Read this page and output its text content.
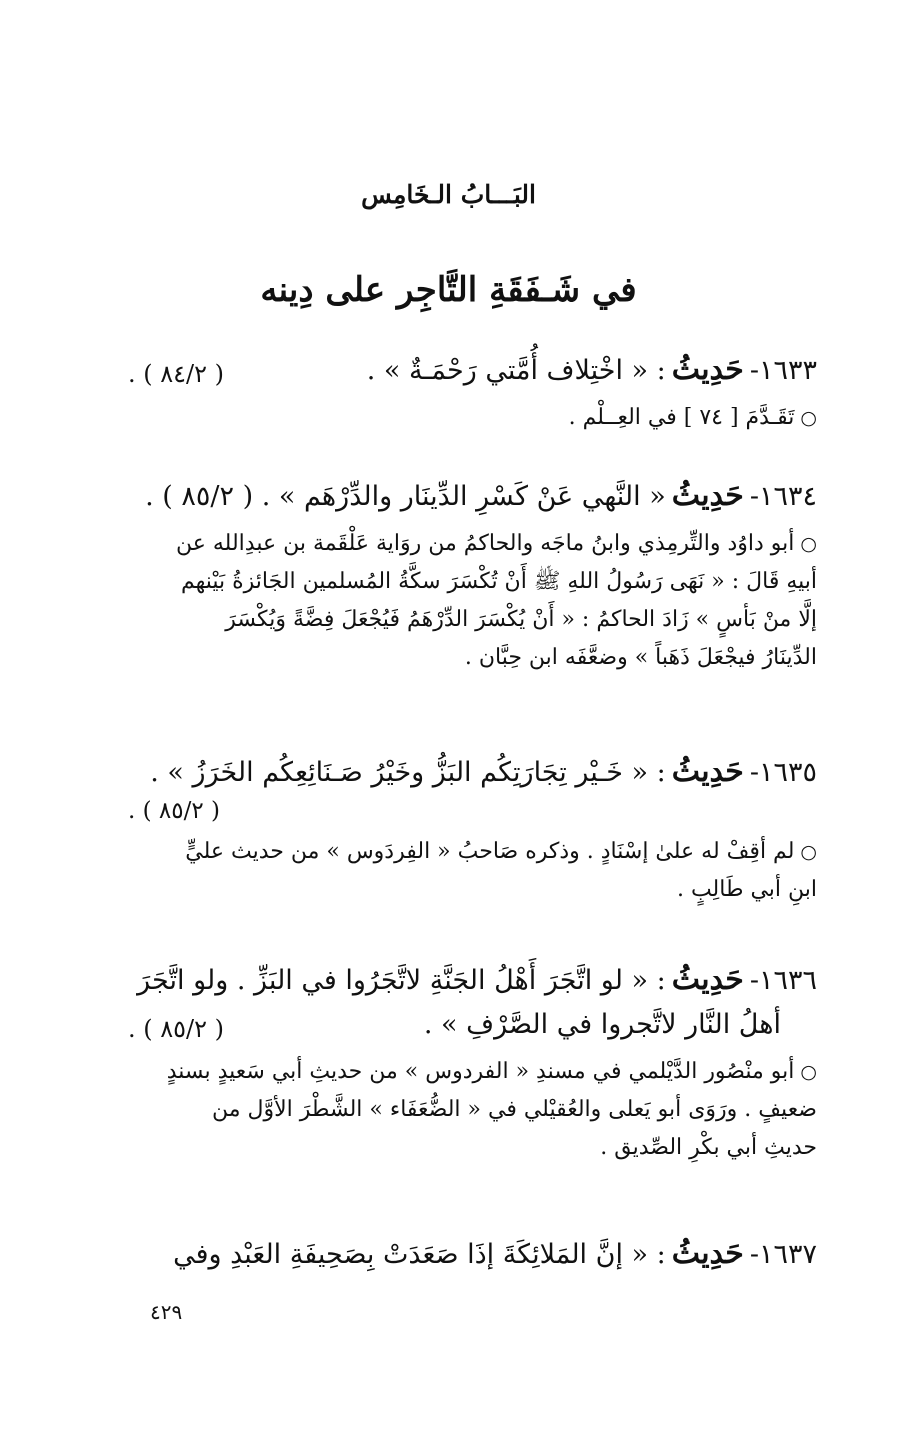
البَـــابُ الـخَامِس
في شَـفَقَةِ التَّاجِر على دِينه

١٦٣٣-حَدِيثُ: « اخْتِلاف أُمَّتي رَحْمَـةٌ » .
( ٨٤/٢ ) .

○تَقَـدَّمَ [ ٧٤ ] في العِــلْم .

١٦٣٤-حَدِيثُ« النَّهي عَنْ كَسْرِ الدِّينَار والدِّرْهَم » . ( ٨٥/٢ ) .

○أبو داوُد والتِّرمِذي وابنُ ماجَه والحاكمُ من روَاية عَلْقَمة بن عبدِالله عن

أبيهِ قَالَ : « نَهَى رَسُولُ اللهِ ﷺ أَنْ تُكْسَرَ سكَّةُ المُسلمين الجَائزةُ بَيْنهم

إلَّا منْ بَأسٍ » زَادَ الحاكمُ : « أَنْ يُكْسَرَ الدِّرْهَمُ فَيُجْعَلَ فِضَّةً وَيُكْسَرَ

الدِّينَارُ فيجْعَلَ ذَهَباً » وضعَّفَه ابن حِبَّان .

١٦٣٥-حَدِيثُ: « خَـيْر تِجَارَتِكُم البَزُّ وخَيْرُ صَـنَائِعِكُم الخَرَزُ » .

( ٨٥/٢ ) .

○لم أقِفْ له علىٰ إسْنَادٍ . وذكره صَاحبُ « الفِردَوس » من حديث عليٍّ

ابنِ أبي طَالِبٍ .

١٦٣٦-حَدِيثُ: « لو اتَّجَرَ أَهْلُ الجَنَّةِ لاتَّجَرُوا في البَزِّ . ولو اتَّجَرَ

أهلُ النَّار لاتَّجروا في الصَّرْفِ » .
( ٨٥/٢ ) .

○أبو منْصُور الدَّيْلمي في مسندِ « الفردوس » من حديثِ أبي سَعيدٍ بسندٍ

ضعيفٍ . ورَوَى أبو يَعلى والعُقيْلي في « الضُّعَفَاء » الشَّطْرَ الأوَّل من

حديثِ أبي بكْرِ الصِّديق .

١٦٣٧-حَدِيثُ: « إنَّ المَلائِكَةَ إذَا صَعَدَتْ بِصَحِيفَةِ العَبْدِ وفي

٤٢٩
